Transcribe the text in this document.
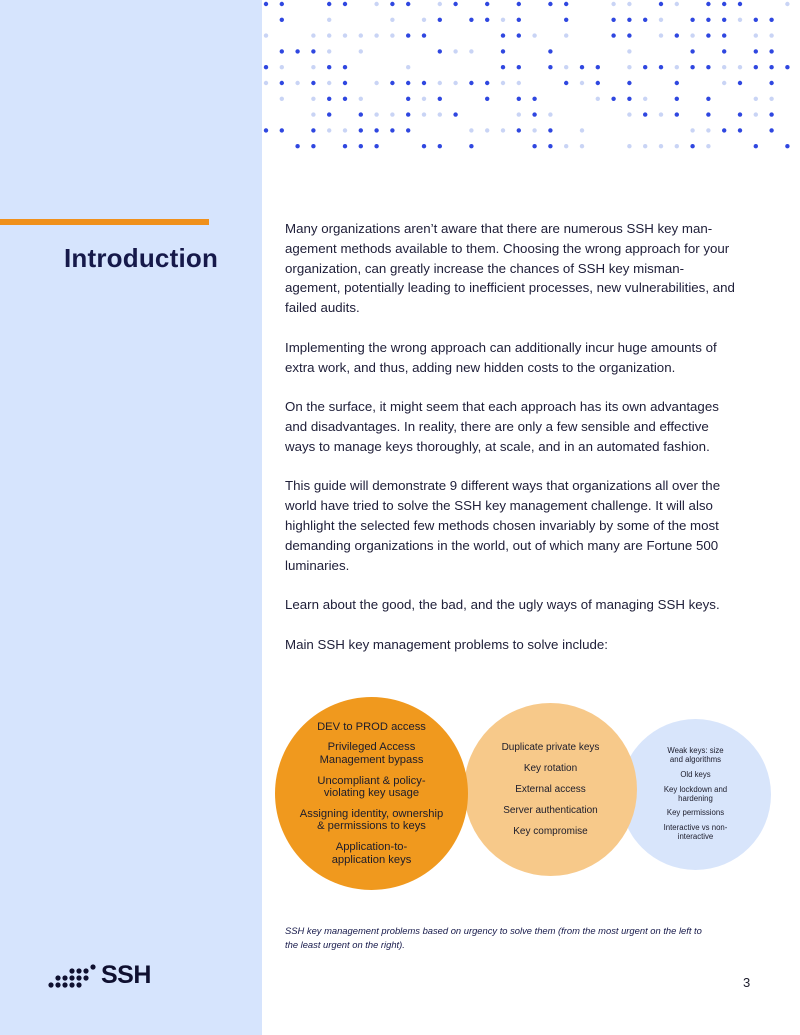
Introduction

Many organizations aren’t aware that there are numerous SSH key man-agement methods available to them. Choosing the wrong approach for your organization, can greatly increase the chances of SSH key misman-agement, potentially leading to inefficient processes, new vulnerabilities, and failed audits.

Implementing the wrong approach can additionally incur huge amounts of extra work, and thus, adding new hidden costs to the organization.

On the surface, it might seem that each approach has its own advantages and disadvantages. In reality, there are only a few sensible and effective ways to manage keys thoroughly, at scale, and in an automated fashion.

This guide will demonstrate 9 different ways that organizations all over the world have tried to solve the SSH key management challenge. It will also highlight the selected few methods chosen invariably by some of the most demanding organizations in the world, out of which many are Fortune 500 luminaries.

Learn about the good, the bad, and the ugly ways of managing SSH keys.

Main SSH key management problems to solve include:

Weak keys: size and algorithms
Old keys
Key lockdown and hardening
Key permissions
Interactive vs non-interactive
Duplicate private keys
Key rotation
External access
Server authentication
Key compromise
DEV to PROD access
Privileged Access Management bypass
Uncompliant & policy-violating key usage
Assigning identity, ownership & permissions to keys
Application-to-application keys

SSH key management problems based on urgency to solve them (from the most urgent on the left to the least urgent on the right).

SSH	3
